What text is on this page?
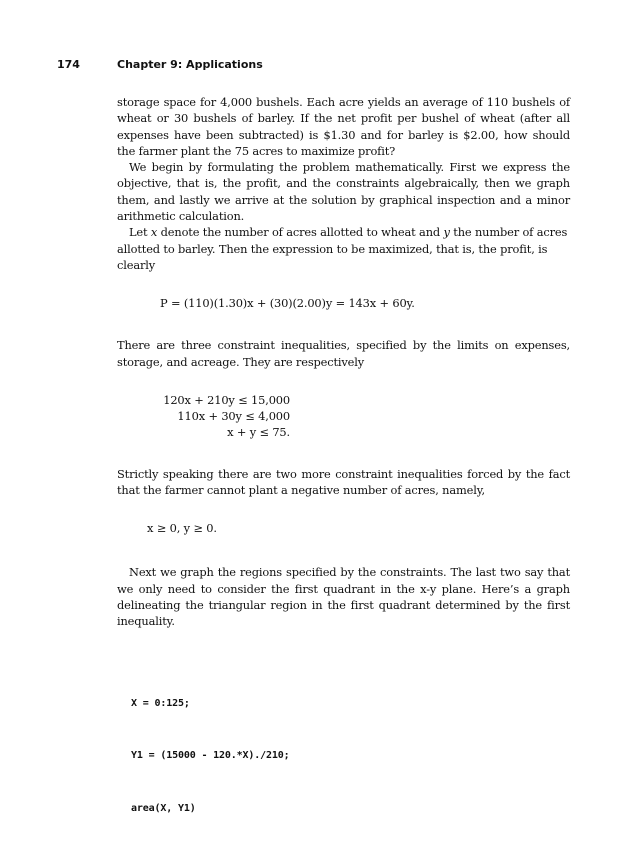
174	Chapter 9: Applications

storage space for 4,000 bushels. Each acre yields an average of 110 bushels of wheat or 30 bushels of barley. If the net profit per bushel of wheat (after all expenses have been subtracted) is $1.30 and for barley is $2.00, how should the farmer plant the 75 acres to maximize profit?

We begin by formulating the problem mathematically. First we express the objective, that is, the profit, and the constraints algebraically, then we graph them, and lastly we arrive at the solution by graphical inspection and a minor arithmetic calculation.

Let x denote the number of acres allotted to wheat and y the number of acres allotted to barley. Then the expression to be maximized, that is, the profit, is clearly

P = (110)(1.30)x + (30)(2.00)y = 143x + 60y.

There are three constraint inequalities, specified by the limits on expenses, storage, and acreage. They are respectively

120x + 210y ≤ 15,000
110x + 30y ≤ 4,000
x + y ≤ 75.

Strictly speaking there are two more constraint inequalities forced by the fact that the farmer cannot plant a negative number of acres, namely,

x ≥ 0, y ≥ 0.

Next we graph the regions specified by the constraints. The last two say that we only need to consider the first quadrant in the x-y plane. Here’s a graph delineating the triangular region in the first quadrant determined by the first inequality.

X = 0:125;

Y1 = (15000 - 120.*X)./210;

area(X, Y1)
